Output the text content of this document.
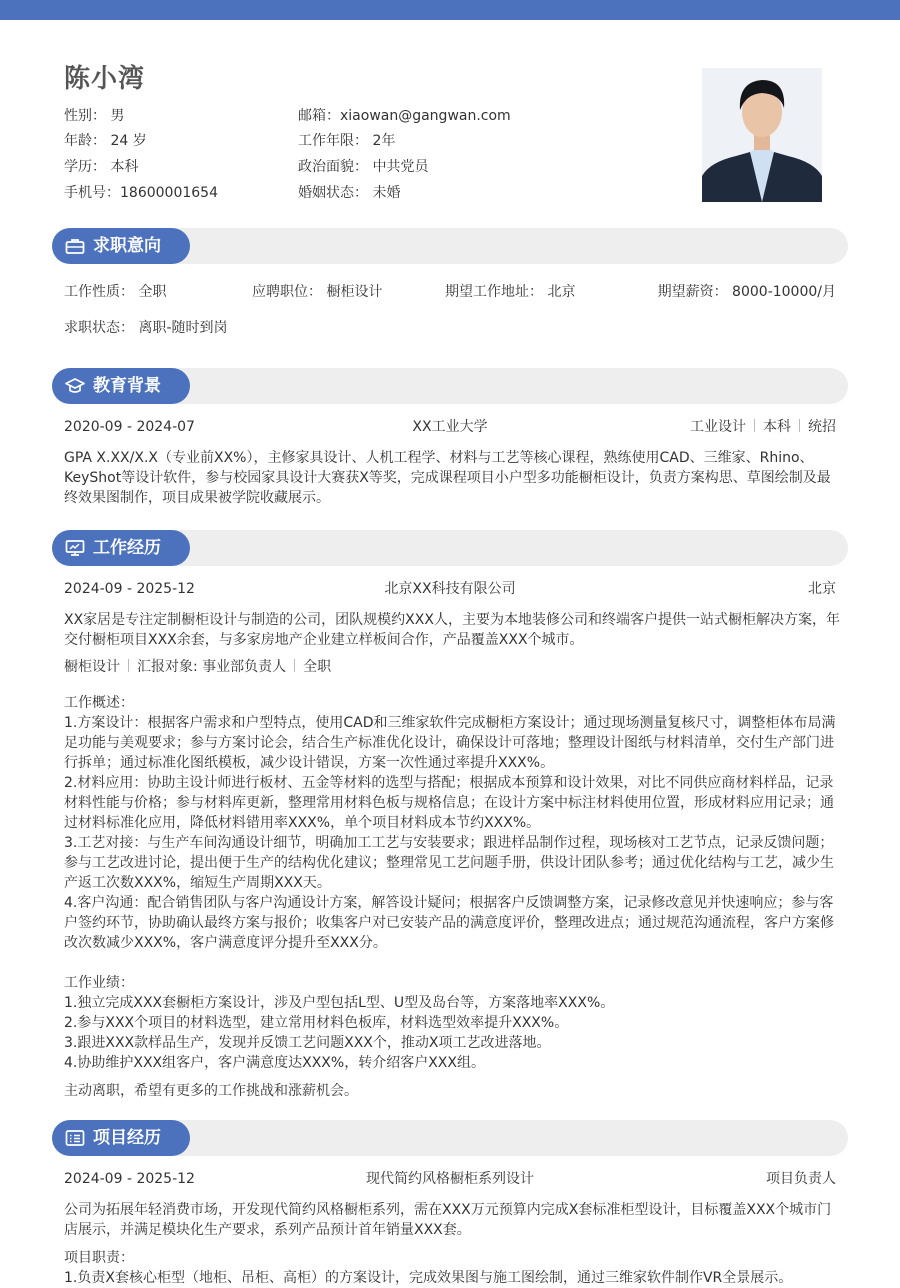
陈小湾
性别： 男
年龄： 24 岁
学历： 本科
手机号：18600001654
邮箱：xiaowan@gangwan.com
工作年限： 2年
政治面貌： 中共党员
婚姻状态： 未婚
求职意向
工作性质： 全职	应聘职位： 橱柜设计	期望工作地址： 北京	期望薪资： 8000-10000/月
求职状态： 离职-随时到岗
教育背景
2020-09 - 2024-07	XX工业大学	工业设计 本科 统招
GPA X.XX/X.X（专业前XX%），主修家具设计、人机工程学、材料与工艺等核心课程，熟练使用CAD、三维家、Rhino、KeyShot等设计软件，参与校园家具设计大赛获X等奖，完成课程项目小户型多功能橱柜设计，负责方案构思、草图绘制及最终效果图制作，项目成果被学院收藏展示。
工作经历
2024-09 - 2025-12	北京XX科技有限公司	北京
XX家居是专注定制橱柜设计与制造的公司，团队规模约XXX人，主要为本地装修公司和终端客户提供一站式橱柜解决方案，年交付橱柜项目XXX余套，与多家房地产企业建立样板间合作，产品覆盖XXX个城市。
橱柜设计 汇报对象: 事业部负责人 全职
工作概述：
1.方案设计：根据客户需求和户型特点，使用CAD和三维家软件完成橱柜方案设计；通过现场测量复核尺寸，调整柜体布局满足功能与美观要求；参与方案讨论会，结合生产标准优化设计，确保设计可落地；整理设计图纸与材料清单，交付生产部门进行拆单；通过标准化图纸模板，减少设计错误，方案一次性通过率提升XXX%。
2.材料应用：协助主设计师进行板材、五金等材料的选型与搭配；根据成本预算和设计效果，对比不同供应商材料样品，记录材料性能与价格；参与材料库更新，整理常用材料色板与规格信息；在设计方案中标注材料使用位置，形成材料应用记录；通过材料标准化应用，降低材料错用率XXX%，单个项目材料成本节约XXX%。
3.工艺对接：与生产车间沟通设计细节，明确加工工艺与安装要求；跟进样品制作过程，现场核对工艺节点，记录反馈问题；参与工艺改进讨论，提出便于生产的结构优化建议；整理常见工艺问题手册，供设计团队参考；通过优化结构与工艺，减少生产返工次数XXX%，缩短生产周期XXX天。
4.客户沟通：配合销售团队与客户沟通设计方案，解答设计疑问；根据客户反馈调整方案，记录修改意见并快速响应；参与客户签约环节，协助确认最终方案与报价；收集客户对已安装产品的满意度评价，整理改进点；通过规范沟通流程，客户方案修改次数减少XXX%，客户满意度评分提升至XXX分。
工作业绩：
1.独立完成XXX套橱柜方案设计，涉及户型包括L型、U型及岛台等，方案落地率XXX%。
2.参与XXX个项目的材料选型，建立常用材料色板库，材料选型效率提升XXX%。
3.跟进XXX款样品生产，发现并反馈工艺问题XXX个，推动X项工艺改进落地。
4.协助维护XXX组客户，客户满意度达XXX%，转介绍客户XXX组。
主动离职，希望有更多的工作挑战和涨薪机会。
项目经历
2024-09 - 2025-12	现代简约风格橱柜系列设计	项目负责人
公司为拓展年轻消费市场，开发现代简约风格橱柜系列，需在XXX万元预算内完成X套标准柜型设计，目标覆盖XXX个城市门店展示，并满足模块化生产要求，系列产品预计首年销量XXX套。
项目职责：
1.负责X套核心柜型（地柜、吊柜、高柜）的方案设计，完成效果图与施工图绘制，通过三维家软件制作VR全景展示。
